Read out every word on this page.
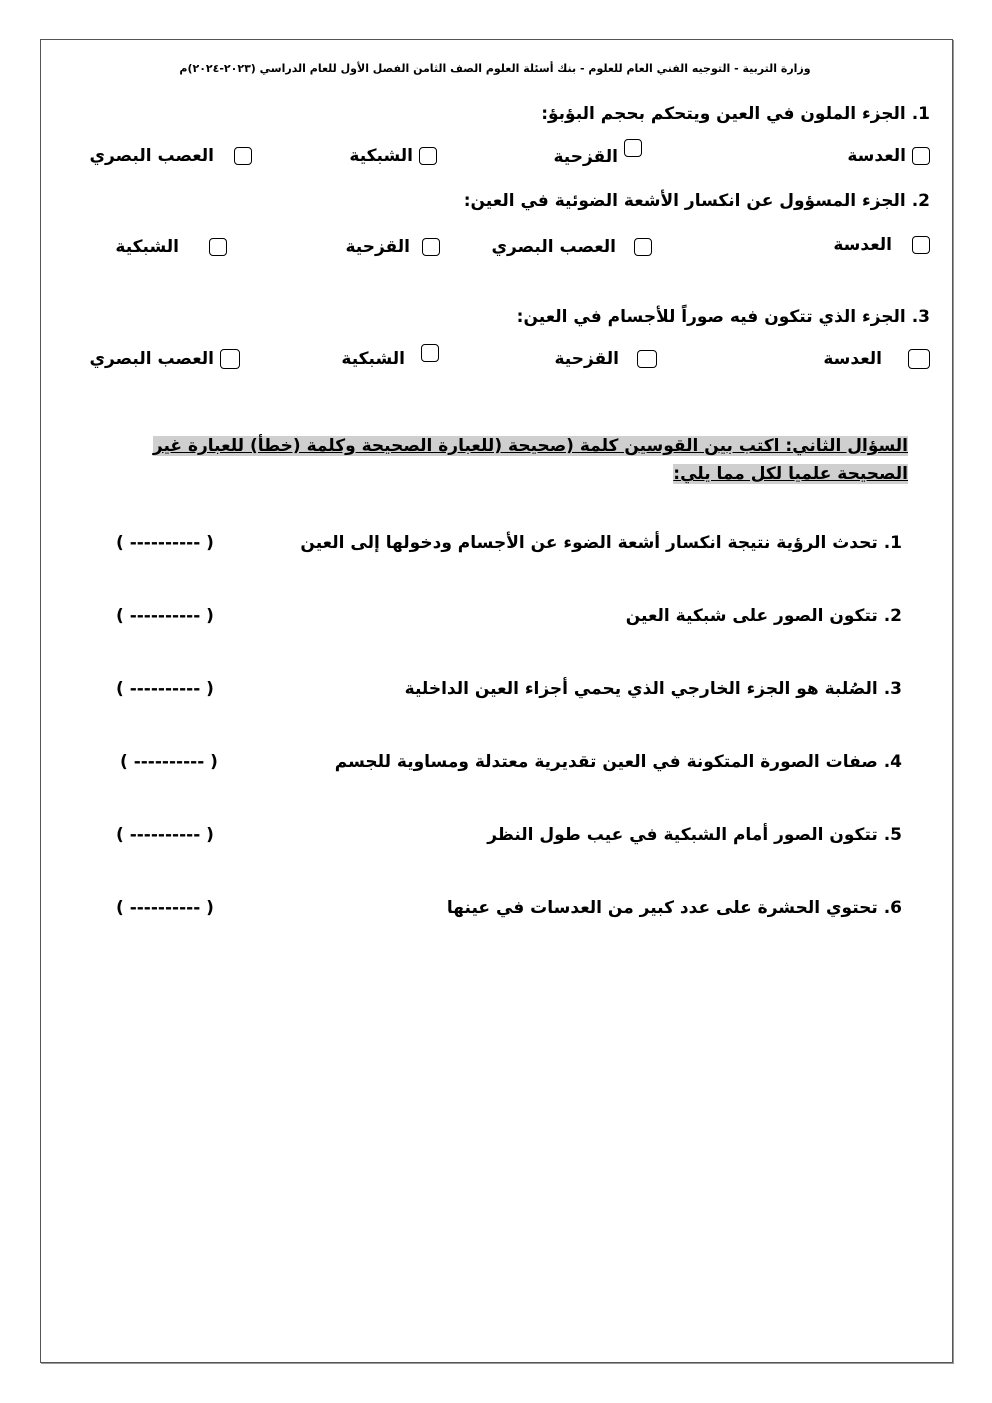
وزارة التربية - التوجيه الفني العام للعلوم - بنك أسئلة العلوم الصف الثامن الفصل الأول للعام الدراسي (٢٠٢٣-٢٠٢٤)م
1. الجزء الملون في العين ويتحكم بحجم البؤبؤ:
العدسة
القزحية
الشبكية
العصب البصري
2. الجزء المسؤول عن انكسار الأشعة الضوئية في العين:
العدسة
العصب البصري
القزحية
الشبكية
3. الجزء الذي تتكون فيه صوراً للأجسام في العين:
العدسة
القزحية
الشبكية
العصب البصري
السؤال الثاني: اكتب بين القوسين كلمة (صحيحة (للعبارة الصحيحة وكلمة (خطأ) للعبارة غير الصحيحة علميا لكل مما يلي:
1. تحدث الرؤية نتيجة انكسار أشعة الضوء عن الأجسام ودخولها إلى العين
( ---------- )
2. تتكون الصور على شبكية العين
( ---------- )
3. الصُلبة هو الجزء الخارجي الذي يحمي أجزاء العين الداخلية
( ---------- )
4. صفات الصورة المتكونة في العين تقديرية معتدلة ومساوية للجسم
( ---------- )
5. تتكون الصور أمام الشبكية في عيب طول النظر
( ---------- )
6. تحتوي الحشرة على عدد كبير من العدسات في عينها
( ---------- )
